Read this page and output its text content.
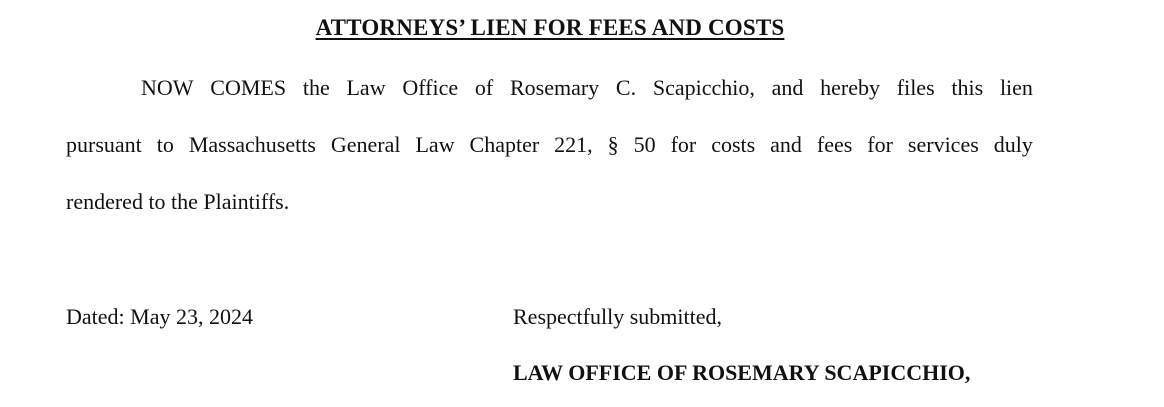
ATTORNEYS’ LIEN FOR FEES AND COSTS
NOW COMES the Law Office of Rosemary C. Scapicchio, and hereby files this lien
pursuant to Massachusetts General Law Chapter 221, § 50 for costs and fees for services duly
rendered to the Plaintiffs.
Dated: May 23, 2024	Respectfully submitted,
LAW OFFICE OF ROSEMARY SCAPICCHIO,
